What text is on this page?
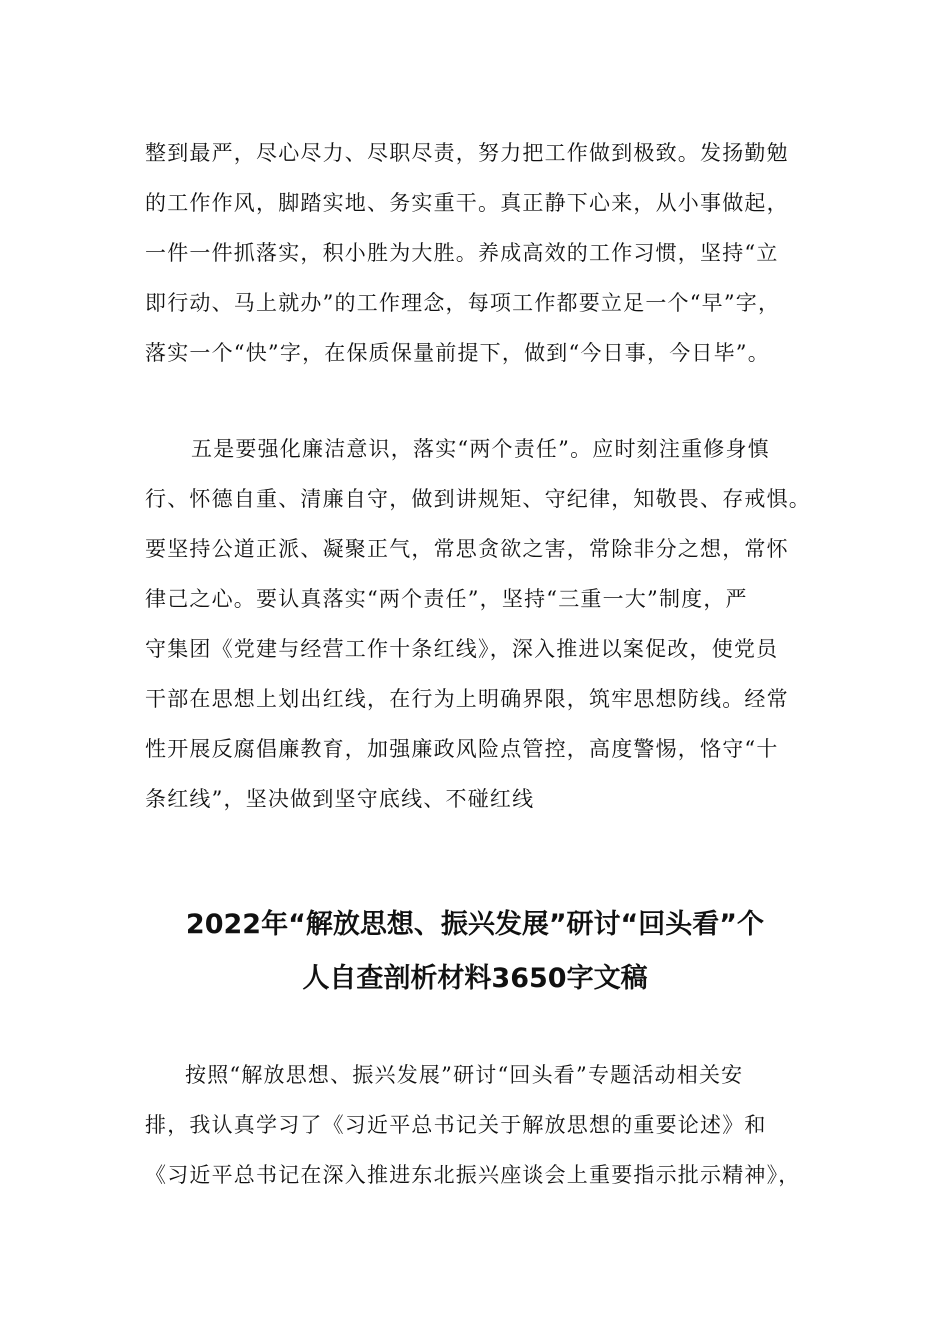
整到最严，尽心尽力、尽职尽责，努力把工作做到极致。发扬勤勉
的工作作风，脚踏实地、务实重干。真正静下心来，从小事做起，
一件一件抓落实，积小胜为大胜。养成高效的工作习惯，坚持“立
即行动、马上就办”的工作理念，每项工作都要立足一个“早”字，
落实一个“快”字，在保质保量前提下，做到“今日事，今日毕”。
五是要强化廉洁意识，落实“两个责任”。应时刻注重修身慎
行、怀德自重、清廉自守，做到讲规矩、守纪律，知敬畏、存戒惧。
要坚持公道正派、凝聚正气，常思贪欲之害，常除非分之想，常怀
律己之心。要认真落实“两个责任”，坚持“三重一大”制度，严
守集团《党建与经营工作十条红线》，深入推进以案促改，使党员
干部在思想上划出红线，在行为上明确界限，筑牢思想防线。经常
性开展反腐倡廉教育，加强廉政风险点管控，高度警惕，恪守“十
条红线”，坚决做到坚守底线、不碰红线
2022年“解放思想、振兴发展”研讨“回头看”个
人自查剖析材料3650字文稿
按照“解放思想、振兴发展”研讨“回头看”专题活动相关安
排，我认真学习了《习近平总书记关于解放思想的重要论述》和
《习近平总书记在深入推进东北振兴座谈会上重要指示批示精神》，
